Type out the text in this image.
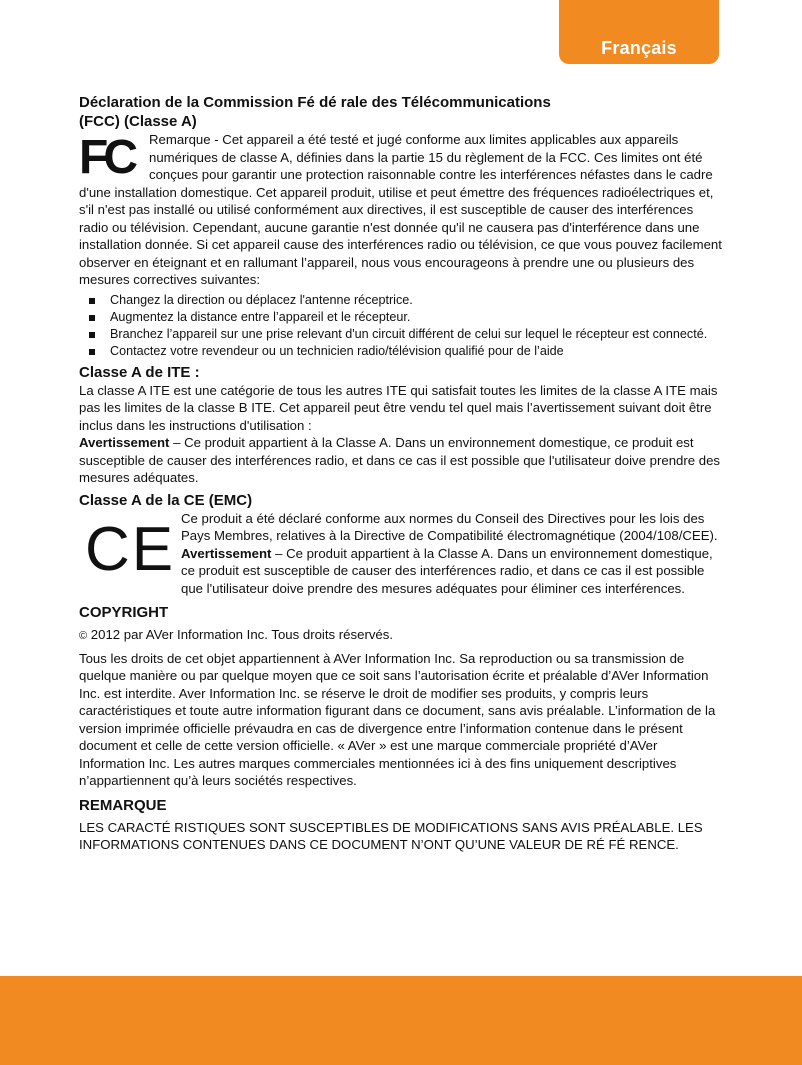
Français
Déclaration de la Commission Fé dé rale des Télécommunications
(FCC) (Classe A)
FC	Remarque - Cet appareil a été testé et jugé conforme aux limites applicables aux appareils numériques de classe A, définies dans la partie 15 du règlement de la FCC. Ces limites ont été conçues pour garantir une protection raisonnable contre les interférences néfastes dans le cadre d'une installation domestique. Cet appareil produit, utilise et peut émettre des fréquences radioélectriques et, s'il n'est pas installé ou utilisé conformément aux directives, il est susceptible de causer des interférences radio ou télévision. Cependant, aucune garantie n'est donnée qu'il ne causera pas d'interférence dans une installation donnée. Si cet appareil cause des interférences radio ou télévision, ce que vous pouvez facilement observer en éteignant et en rallumant l’appareil, nous vous encourageons à prendre une ou plusieurs des mesures correctives suivantes:

Changez la direction ou déplacez l'antenne réceptrice.
Augmentez la distance entre l’appareil et le récepteur.
Branchez l’appareil sur une prise relevant d'un circuit différent de celui sur lequel le récepteur est connecté.
Contactez votre revendeur ou un technicien radio/télévision qualifié pour de l’aide
Classe A de ITE :

La classe A ITE est une catégorie de tous les autres ITE qui satisfait toutes les limites de la classe A ITE mais pas les limites de la classe B ITE. Cet appareil peut être vendu tel quel mais l’avertissement suivant doit être inclus dans les instructions d'utilisation :

Avertissement – Ce produit appartient à la Classe A. Dans un environnement domestique, ce produit est susceptible de causer des interférences radio, et dans ce cas il est possible que l'utilisateur doive prendre des mesures adéquates.

Classe A de la CE (EMC)
CE Ce produit a été déclaré conforme aux normes du Conseil des Directives pour les lois des Pays Membres, relatives à la Directive de Compatibilité électromagnétique (2004/108/CEE).

Avertissement – Ce produit appartient à la Classe A. Dans un environnement domestique, ce produit est susceptible de causer des interférences radio, et dans ce cas il est possible que l'utilisateur doive prendre des mesures adéquates pour éliminer ces interférences.

COPYRIGHT

© 2012 par AVer Information Inc. Tous droits réservés.

Tous les droits de cet objet appartiennent à AVer Information Inc. Sa reproduction ou sa transmission de quelque manière ou par quelque moyen que ce soit sans l’autorisation écrite et préalable d’AVer Information Inc. est interdite. Aver Information Inc. se réserve le droit de modifier ses produits, y compris leurs caractéristiques et toute autre information figurant dans ce document, sans avis préalable. L’information de la version imprimée officielle prévaudra en cas de divergence entre l’information contenue dans le présent document et celle de cette version officielle. « AVer » est une marque commerciale propriété d’AVer Information Inc. Les autres marques commerciales mentionnées ici à des fins uniquement descriptives n’appartiennent qu’à leurs sociétés respectives.

REMARQUE

LES CARACTÉ RISTIQUES SONT SUSCEPTIBLES DE MODIFICATIONS SANS AVIS PRÉALABLE. LES INFORMATIONS CONTENUES DANS CE DOCUMENT N’ONT QU’UNE VALEUR DE RÉ FÉ RENCE.
